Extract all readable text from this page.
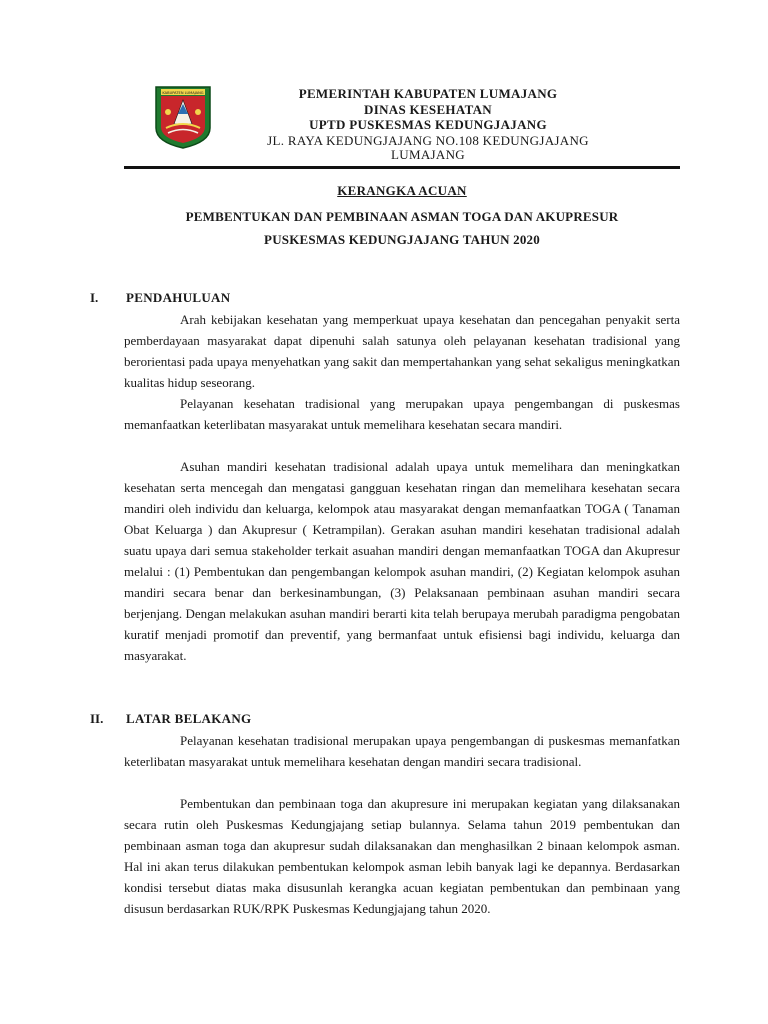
KABUPATEN LUMAJANG	PEMERINTAH KABUPATEN LUMAJANG
DINAS KESEHATAN
UPTD PUSKESMAS KEDUNGJAJANG
JL. RAYA KEDUNGJAJANG NO.108 KEDUNGJAJANG LUMAJANG
KERANGKA ACUAN
PEMBENTUKAN DAN PEMBINAAN ASMAN TOGA DAN AKUPRESUR
PUSKESMAS KEDUNGJAJANG TAHUN 2020
I. PENDAHULUAN
Arah kebijakan kesehatan yang memperkuat upaya kesehatan dan pencegahan penyakit serta pemberdayaan masyarakat dapat dipenuhi salah satunya oleh pelayanan kesehatan tradisional yang berorientasi pada upaya menyehatkan yang sakit dan mempertahankan yang sehat sekaligus meningkatkan kualitas hidup seseorang.
Pelayanan kesehatan tradisional yang merupakan upaya pengembangan di puskesmas memanfaatkan keterlibatan masyarakat untuk memelihara kesehatan secara mandiri.
Asuhan mandiri kesehatan tradisional adalah upaya untuk memelihara dan meningkatkan kesehatan serta mencegah dan mengatasi gangguan kesehatan ringan dan memelihara kesehatan secara mandiri oleh individu dan keluarga, kelompok atau masyarakat dengan memanfaatkan TOGA ( Tanaman Obat Keluarga ) dan Akupresur ( Ketrampilan). Gerakan asuhan mandiri kesehatan tradisional adalah suatu upaya dari semua stakeholder terkait asuahan mandiri dengan memanfaatkan TOGA dan Akupresur melalui : (1) Pembentukan dan pengembangan kelompok asuhan mandiri, (2) Kegiatan kelompok asuhan mandiri secara benar dan berkesinambungan, (3) Pelaksanaan pembinaan asuhan mandiri secara berjenjang. Dengan melakukan asuhan mandiri berarti kita telah berupaya merubah paradigma pengobatan kuratif menjadi promotif dan preventif, yang bermanfaat untuk efisiensi bagi individu, keluarga dan masyarakat.
II. LATAR BELAKANG
Pelayanan kesehatan tradisional merupakan upaya pengembangan di puskesmas memanfatkan keterlibatan masyarakat untuk memelihara kesehatan dengan mandiri secara tradisional.
Pembentukan dan pembinaan toga dan akupresure ini merupakan kegiatan yang dilaksanakan secara rutin oleh Puskesmas Kedungjajang setiap bulannya. Selama tahun 2019 pembentukan dan pembinaan asman toga dan akupresur sudah dilaksanakan dan menghasilkan 2 binaan kelompok asman. Hal ini akan terus dilakukan pembentukan kelompok asman lebih banyak lagi ke depannya. Berdasarkan kondisi tersebut diatas maka disusunlah kerangka acuan kegiatan pembentukan dan pembinaan yang disusun berdasarkan RUK/RPK Puskesmas Kedungjajang tahun 2020.
